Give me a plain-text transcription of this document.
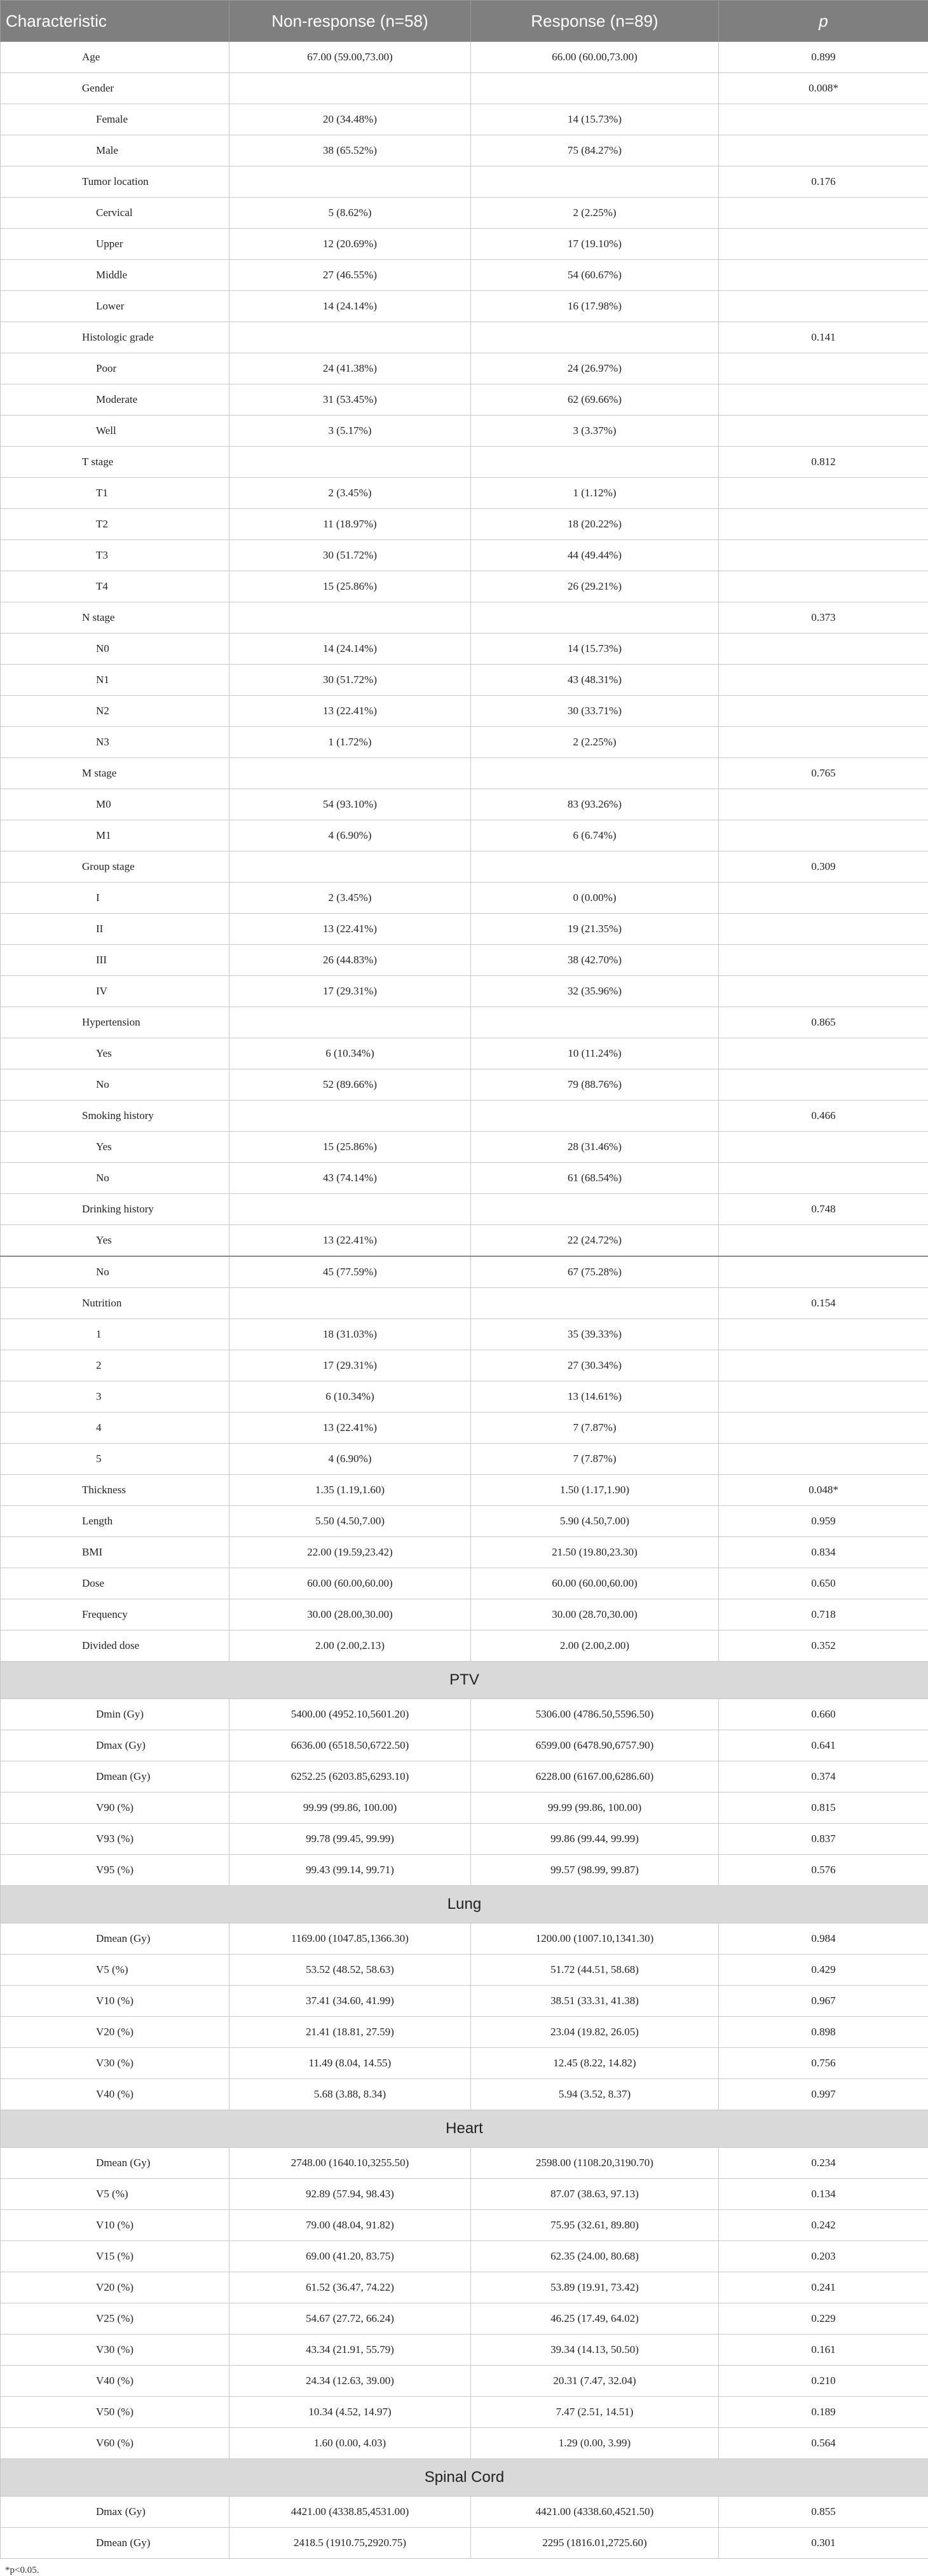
Characteristic	Non-response (n=58)	Response (n=89)	p
Age	67.00 (59.00,73.00)	66.00 (60.00,73.00)	0.899
Gender			0.008*
Female	20 (34.48%)	14 (15.73%)	
Male	38 (65.52%)	75 (84.27%)	
Tumor location			0.176
Cervical	5 (8.62%)	2 (2.25%)	
Upper	12 (20.69%)	17 (19.10%)	
Middle	27 (46.55%)	54 (60.67%)	
Lower	14 (24.14%)	16 (17.98%)	
Histologic grade			0.141
Poor	24 (41.38%)	24 (26.97%)	
Moderate	31 (53.45%)	62 (69.66%)	
Well	3 (5.17%)	3 (3.37%)	
T stage			0.812
T1	2 (3.45%)	1 (1.12%)	
T2	11 (18.97%)	18 (20.22%)	
T3	30 (51.72%)	44 (49.44%)	
T4	15 (25.86%)	26 (29.21%)	
N stage			0.373
N0	14 (24.14%)	14 (15.73%)	
N1	30 (51.72%)	43 (48.31%)	
N2	13 (22.41%)	30 (33.71%)	
N3	1 (1.72%)	2 (2.25%)	
M stage			0.765
M0	54 (93.10%)	83 (93.26%)	
M1	4 (6.90%)	6 (6.74%)	
Group stage			0.309
I	2 (3.45%)	0 (0.00%)	
II	13 (22.41%)	19 (21.35%)	
III	26 (44.83%)	38 (42.70%)	
IV	17 (29.31%)	32 (35.96%)	
Hypertension			0.865
Yes	6 (10.34%)	10 (11.24%)	
No	52 (89.66%)	79 (88.76%)	
Smoking history			0.466
Yes	15 (25.86%)	28 (31.46%)	
No	43 (74.14%)	61 (68.54%)	
Drinking history			0.748
Yes	13 (22.41%)	22 (24.72%)	
No	45 (77.59%)	67 (75.28%)	
Nutrition			0.154
1	18 (31.03%)	35 (39.33%)	
2	17 (29.31%)	27 (30.34%)	
3	6 (10.34%)	13 (14.61%)	
4	13 (22.41%)	7 (7.87%)	
5	4 (6.90%)	7 (7.87%)	
Thickness	1.35 (1.19,1.60)	1.50 (1.17,1.90)	0.048*
Length	5.50 (4.50,7.00)	5.90 (4.50,7.00)	0.959
BMI	22.00 (19.59,23.42)	21.50 (19.80,23.30)	0.834
Dose	60.00 (60.00,60.00)	60.00 (60.00,60.00)	0.650
Frequency	30.00 (28.00,30.00)	30.00 (28.70,30.00)	0.718
Divided dose	2.00 (2.00,2.13)	2.00 (2.00,2.00)	0.352
PTV			
Dmin (Gy)	5400.00 (4952.10,5601.20)	5306.00 (4786.50,5596.50)	0.660
Dmax (Gy)	6636.00 (6518.50,6722.50)	6599.00 (6478.90,6757.90)	0.641
Dmean (Gy)	6252.25 (6203.85,6293.10)	6228.00 (6167.00,6286.60)	0.374
V90 (%)	99.99 (99.86, 100.00)	99.99 (99.86, 100.00)	0.815
V93 (%)	99.78 (99.45, 99.99)	99.86 (99.44, 99.99)	0.837
V95 (%)	99.43 (99.14, 99.71)	99.57 (98.99, 99.87)	0.576
Lung			
Dmean (Gy)	1169.00 (1047.85,1366.30)	1200.00 (1007.10,1341.30)	0.984
V5 (%)	53.52 (48.52, 58.63)	51.72 (44.51, 58.68)	0.429
V10 (%)	37.41 (34.60, 41.99)	38.51 (33.31, 41.38)	0.967
V20 (%)	21.41 (18.81, 27.59)	23.04 (19.82, 26.05)	0.898
V30 (%)	11.49 (8.04, 14.55)	12.45 (8.22, 14.82)	0.756
V40 (%)	5.68 (3.88, 8.34)	5.94 (3.52, 8.37)	0.997
Heart			
Dmean (Gy)	2748.00 (1640.10,3255.50)	2598.00 (1108.20,3190.70)	0.234
V5 (%)	92.89 (57.94, 98.43)	87.07 (38.63, 97.13)	0.134
V10 (%)	79.00 (48.04, 91.82)	75.95 (32.61, 89.80)	0.242
V15 (%)	69.00 (41.20, 83.75)	62.35 (24.00, 80.68)	0.203
V20 (%)	61.52 (36.47, 74.22)	53.89 (19.91, 73.42)	0.241
V25 (%)	54.67 (27.72, 66.24)	46.25 (17.49, 64.02)	0.229
V30 (%)	43.34 (21.91, 55.79)	39.34 (14.13, 50.50)	0.161
V40 (%)	24.34 (12.63, 39.00)	20.31 (7.47, 32.04)	0.210
V50 (%)	10.34 (4.52, 14.97)	7.47 (2.51, 14.51)	0.189
V60 (%)	1.60 (0.00, 4.03)	1.29 (0.00, 3.99)	0.564
Spinal Cord			
Dmax (Gy)	4421.00 (4338.85,4531.00)	4421.00 (4338.60,4521.50)	0.855
Dmean (Gy)	2418.5 (1910.75,2920.75)	2295 (1816.01,2725.60)	0.301
*p<0.05.
